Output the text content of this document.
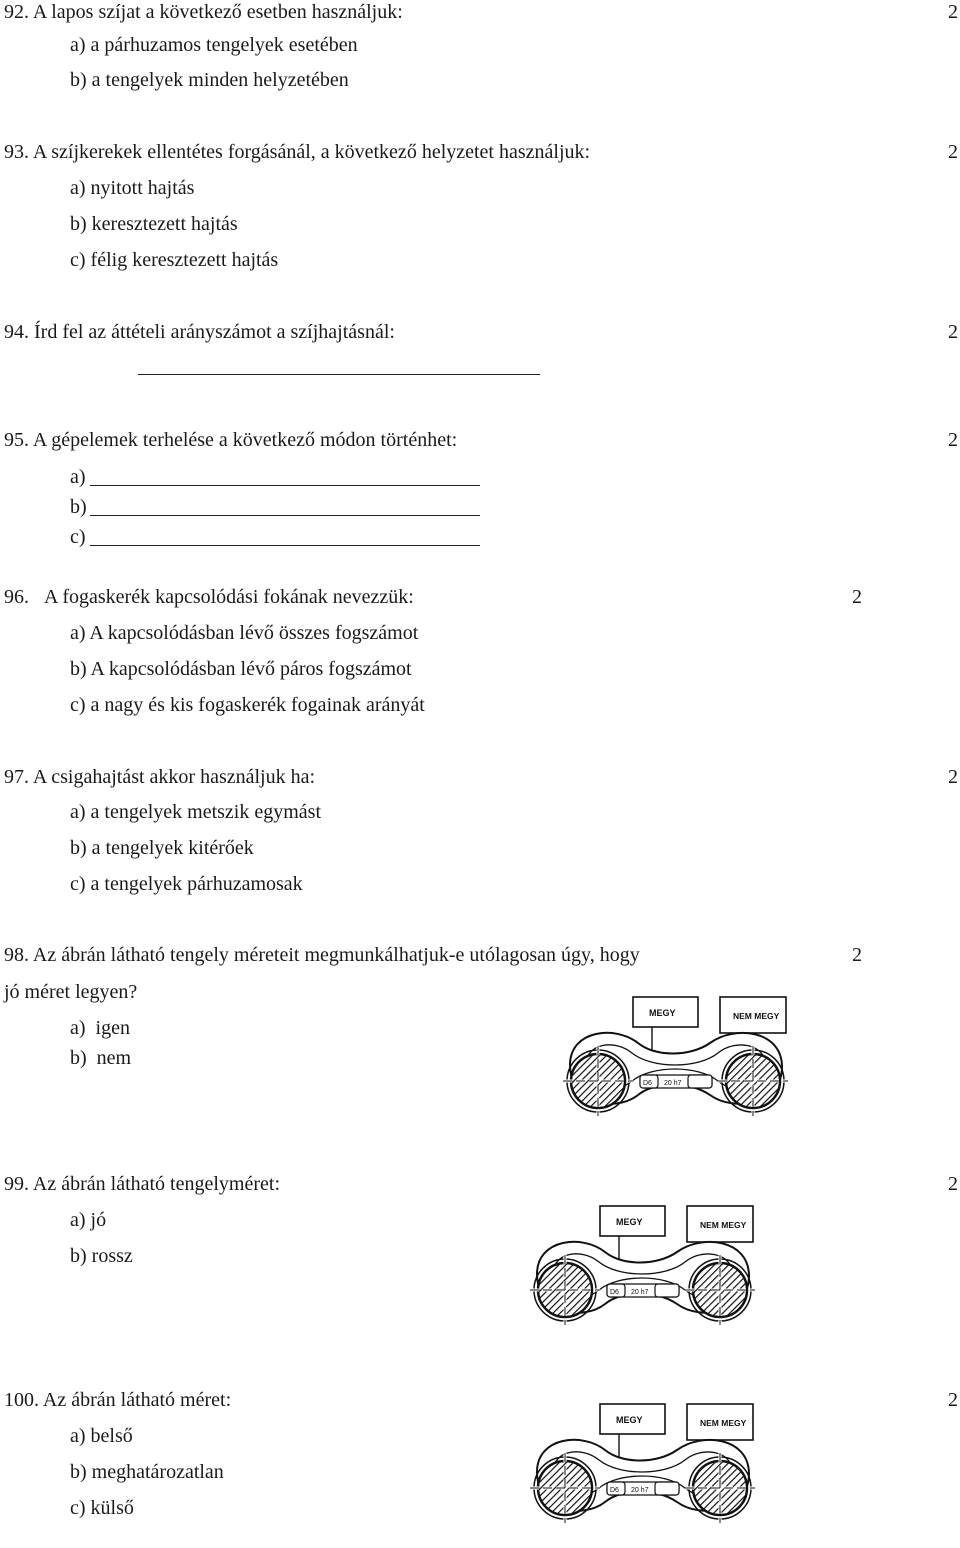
92. A lapos szíjat a következő esetben használjuk:	2
a) a párhuzamos tengelyek esetében
b) a tengelyek minden helyzetében
93. A szíjkerekek ellentétes forgásánál, a következő helyzetet használjuk:	2
a) nyitott hajtás
b) keresztezett hajtás
c) félig keresztezett hajtás
94. Írd fel az áttételi arányszámot a szíjhajtásnál:	2
95. A gépelemek terhelése a következő módon történhet:	2
a)
b)
c)
96. A fogaskerék kapcsolódási fokának nevezzük:	2
a) A kapcsolódásban lévő összes fogszámot
b) A kapcsolódásban lévő páros fogszámot
c) a nagy és kis fogaskerék fogainak arányát
97. A csigahajtást akkor használjuk ha:	2
a) a tengelyek metszik egymást
b) a tengelyek kitérőek
c) a tengelyek párhuzamosak
98. Az ábrán látható tengely méreteit megmunkálhatjuk-e utólagosan úgy, hogy	2
jó méret legyen?
a)  igen
b)  nem
MEGY	NEM MEGY
D6 20 h7
99. Az ábrán látható tengelyméret:	2
a) jó
b) rossz
MEGY	NEM MEGY
D6 20 h7
100. Az ábrán látható méret:	2
a) belső
b) meghatározatlan
c) külső
MEGY	NEM MEGY
D6 20 h7
